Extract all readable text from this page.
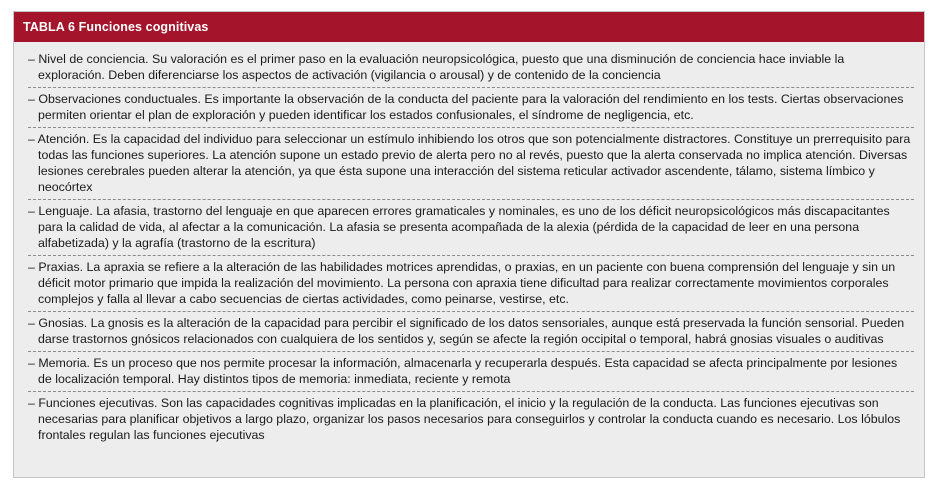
TABLA 6 Funciones cognitivas
– Nivel de conciencia. Su valoración es el primer paso en la evaluación neuropsicológica, puesto que una disminución de conciencia hace inviable la exploración. Deben diferenciarse los aspectos de activación (vigilancia o arousal) y de contenido de la conciencia
– Observaciones conductuales. Es importante la observación de la conducta del paciente para la valoración del rendimiento en los tests. Ciertas observaciones permiten orientar el plan de exploración y pueden identificar los estados confusionales, el síndrome de negligencia, etc.
– Atención. Es la capacidad del individuo para seleccionar un estímulo inhibiendo los otros que son potencialmente distractores. Constituye un prerrequisito para todas las funciones superiores. La atención supone un estado previo de alerta pero no al revés, puesto que la alerta conservada no implica atención. Diversas lesiones cerebrales pueden alterar la atención, ya que ésta supone una interacción del sistema reticular activador ascendente, tálamo, sistema límbico y neocórtex
– Lenguaje. La afasia, trastorno del lenguaje en que aparecen errores gramaticales y nominales, es uno de los déficit neuropsicológicos más discapacitantes para la calidad de vida, al afectar a la comunicación. La afasia se presenta acompañada de la alexia (pérdida de la capacidad de leer en una persona alfabetizada) y la agrafía (trastorno de la escritura)
– Praxias. La apraxia se refiere a la alteración de las habilidades motrices aprendidas, o praxias, en un paciente con buena comprensión del lenguaje y sin un déficit motor primario que impida la realización del movimiento. La persona con apraxia tiene dificultad para realizar correctamente movimientos corporales complejos y falla al llevar a cabo secuencias de ciertas actividades, como peinarse, vestirse, etc.
– Gnosias. La gnosis es la alteración de la capacidad para percibir el significado de los datos sensoriales, aunque está preservada la función sensorial. Pueden darse trastornos gnósicos relacionados con cualquiera de los sentidos y, según se afecte la región occipital o temporal, habrá gnosias visuales o auditivas
– Memoria. Es un proceso que nos permite procesar la información, almacenarla y recuperarla después. Esta capacidad se afecta principalmente por lesiones de localización temporal. Hay distintos tipos de memoria: inmediata, reciente y remota
– Funciones ejecutivas. Son las capacidades cognitivas implicadas en la planificación, el inicio y la regulación de la conducta. Las funciones ejecutivas son necesarias para planificar objetivos a largo plazo, organizar los pasos necesarios para conseguirlos y controlar la conducta cuando es necesario. Los lóbulos frontales regulan las funciones ejecutivas
